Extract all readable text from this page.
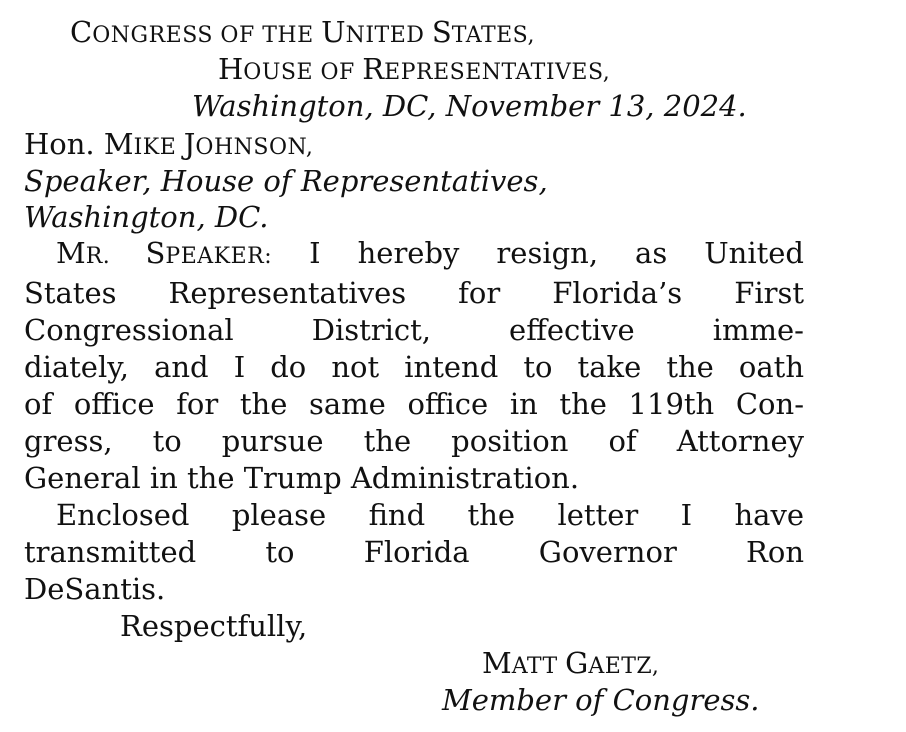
CONGRESS OF THE UNITED STATES,
HOUSE OF REPRESENTATIVES,
Washington, DC, November 13, 2024.
Hon. MIKE JOHNSON,
Speaker, House of Representatives,
Washington, DC.
MR. SPEAKER: I hereby resign, as United
States Representatives for Florida’s First
Congressional District, effective imme-
diately, and I do not intend to take the oath
of office for the same office in the 119th Con-
gress, to pursue the position of Attorney
General in the Trump Administration.
Enclosed please find the letter I have
transmitted to Florida Governor Ron
DeSantis.
Respectfully,
MATT GAETZ,
Member of Congress.
